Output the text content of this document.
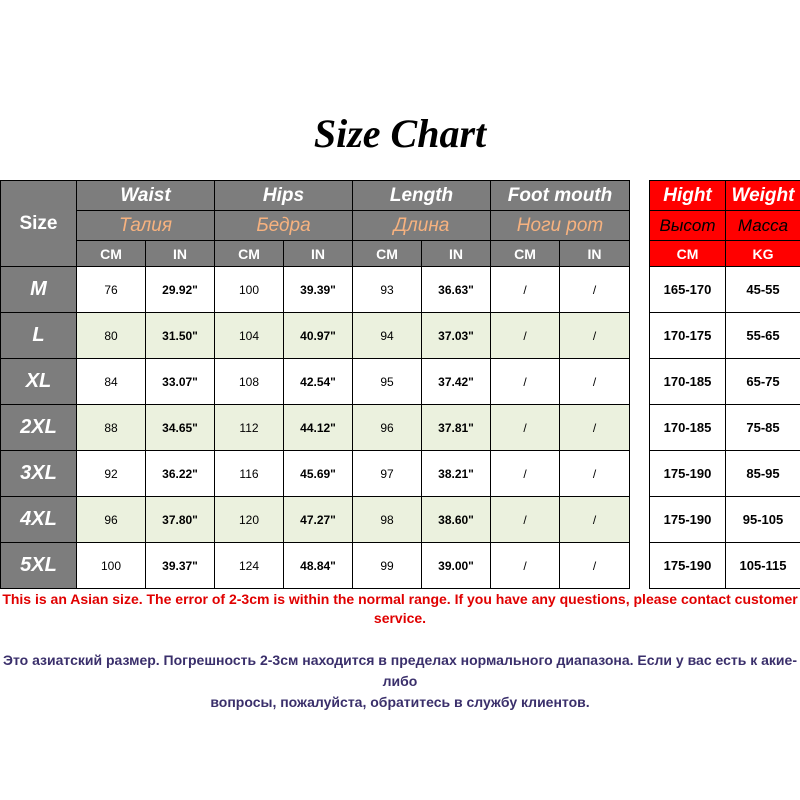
Size Chart
Size	Waist		Hips		Length		Foot mouth	
	Талия		Бедра		Длина		Ноги рот	
	CM	IN	CM	IN	CM	IN	CM	IN
M	76	29.92"	100	39.39"	93	36.63"	/	/
L	80	31.50"	104	40.97"	94	37.03"	/	/
XL	84	33.07"	108	42.54"	95	37.42"	/	/
2XL	88	34.65"	112	44.12"	96	37.81"	/	/
3XL	92	36.22"	116	45.69"	97	38.21"	/	/
4XL	96	37.80"	120	47.27"	98	38.60"	/	/
5XL	100	39.37"	124	48.84"	99	39.00"	/	/
Hight	Weight
Высот	Масса
CM	KG
165-170	45-55
170-175	55-65
170-185	65-75
170-185	75-85
175-190	85-95
175-190	95-105
175-190	105-115
This is an Asian size. The error of 2-3cm is within the normal range. If you have any questions, please contact customer service.
Это азиатский размер. Погрешность 2-3см находится в пределах нормального диапазона. Если у вас есть к акие-либо
вопросы, пожалуйста, обратитесь в службу клиентов.
